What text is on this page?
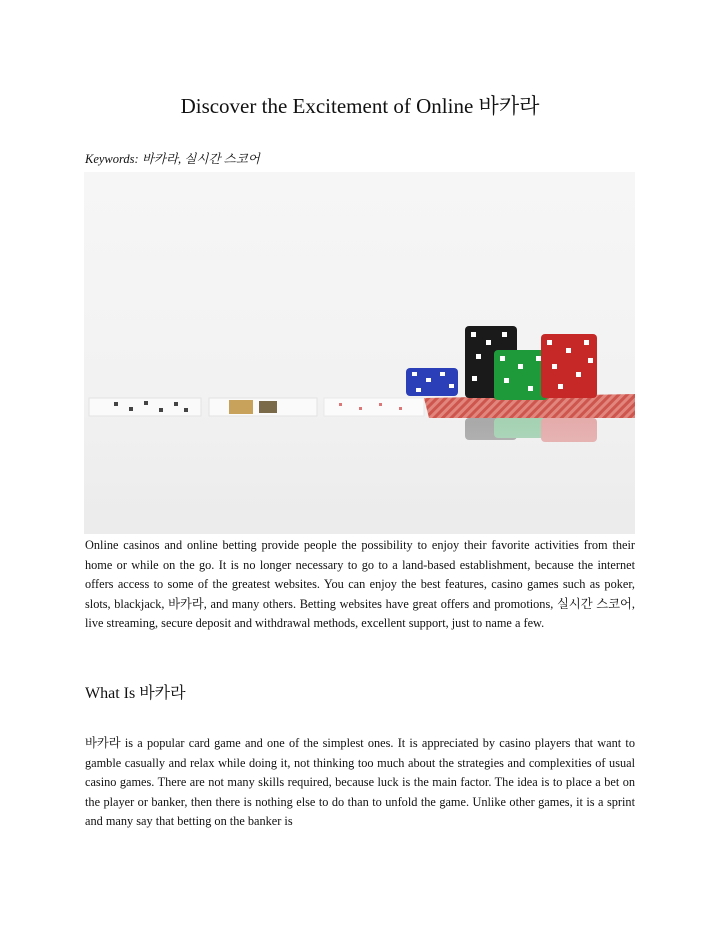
Discover the Excitement of Online 바카라
Keywords: 바카라, 실시간 스코어

Online casinos and online betting provide people the possibility to enjoy their favorite activities from their home or while on the go. It is no longer necessary to go to a land-based establishment, because the internet offers access to some of the greatest websites. You can enjoy the best features, casino games such as poker, slots, blackjack, 바카라, and many others. Betting websites have great offers and promotions, 실시간 스코어, live streaming, secure deposit and withdrawal methods, excellent support, just to name a few.

What Is 바카라

바카라 is a popular card game and one of the simplest ones. It is appreciated by casino players that want to gamble casually and relax while doing it, not thinking too much about the strategies and complexities of usual casino games. There are not many skills required, because luck is the main factor. The idea is to place a bet on the player or banker, then there is nothing else to do than to unfold the game. Unlike other games, it is a sprint and many say that betting on the banker is
